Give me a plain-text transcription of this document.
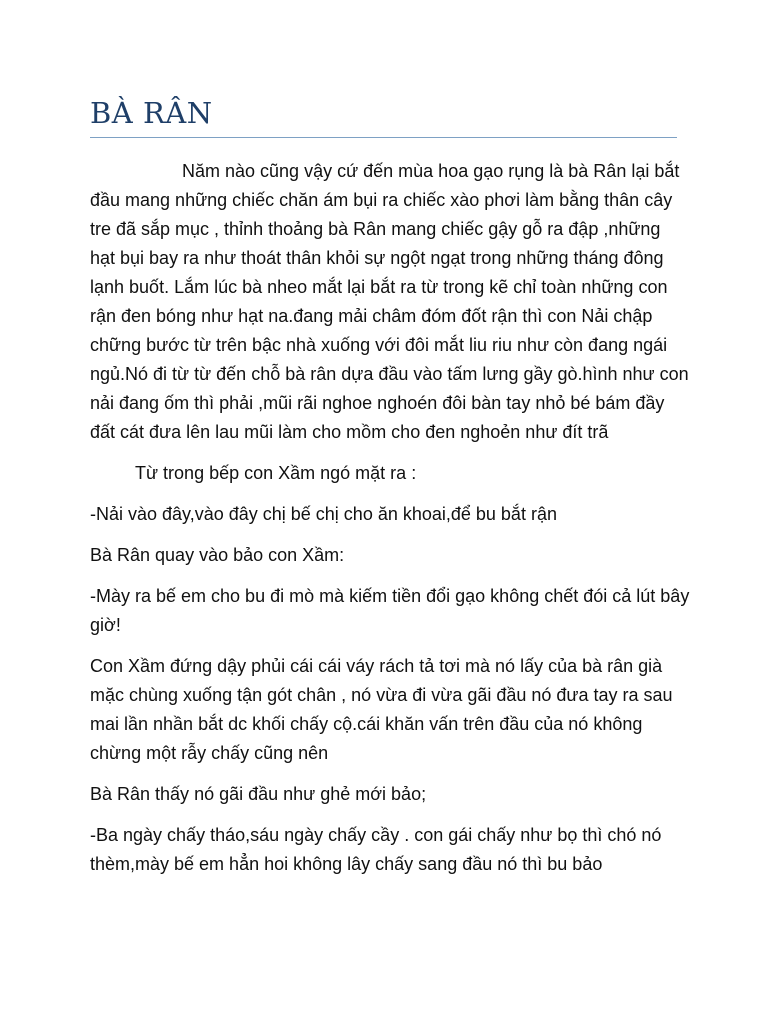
BÀ RÂN

Năm nào cũng vậy cứ đến mùa hoa gạo rụng là bà Rân lại bắt đầu mang những chiếc chăn ám bụi ra chiếc xào phơi làm bằng thân cây tre đã sắp mục , thỉnh thoảng bà Rân mang chiếc gậy gỗ ra đập ,những hạt bụi bay ra như thoát thân khỏi sự ngột ngạt trong những tháng đông lạnh buốt. Lắm lúc bà nheo mắt lại bắt ra từ trong kẽ chỉ toàn những con rận đen bóng như hạt na.đang mải châm đóm đốt rận thì con Nải chập chững bước từ trên bậc nhà xuống với đôi mắt liu riu như còn đang ngái ngủ.Nó đi từ từ đến chỗ bà rân dựa đầu vào tấm lưng gầy gò.hình như con nải đang ốm thì phải ,mũi rãi nghoe nghoén đôi bàn tay nhỏ bé bám đầy đất cát đưa lên lau mũi làm cho mồm cho đen nghoẻn như đít trã

Từ trong bếp con Xầm ngó mặt ra :

-Nải vào đây,vào đây chị bế chị cho ăn khoai,để bu bắt rận

Bà Rân quay vào bảo con Xầm:

-Mày ra bế em cho bu đi mò mà kiếm tiền đổi gạo không chết đói cả lút bây giờ!

Con Xầm đứng dậy phủi cái cái váy rách tả tơi mà nó lấy của bà rân già mặc chùng xuống tận gót chân , nó vừa đi vừa gãi đầu nó đưa tay ra sau mai lần nhần bắt dc khối chấy cộ.cái khăn vấn trên đầu của nó không chừng một rẫy chấy cũng nên

Bà Rân thấy nó gãi đầu như ghẻ mới bảo;

-Ba ngày chấy tháo,sáu ngày chấy cầy . con gái chấy như bọ thì chó nó thèm,mày bế em hẳn hoi không lây chấy sang đầu nó thì bu bảo
